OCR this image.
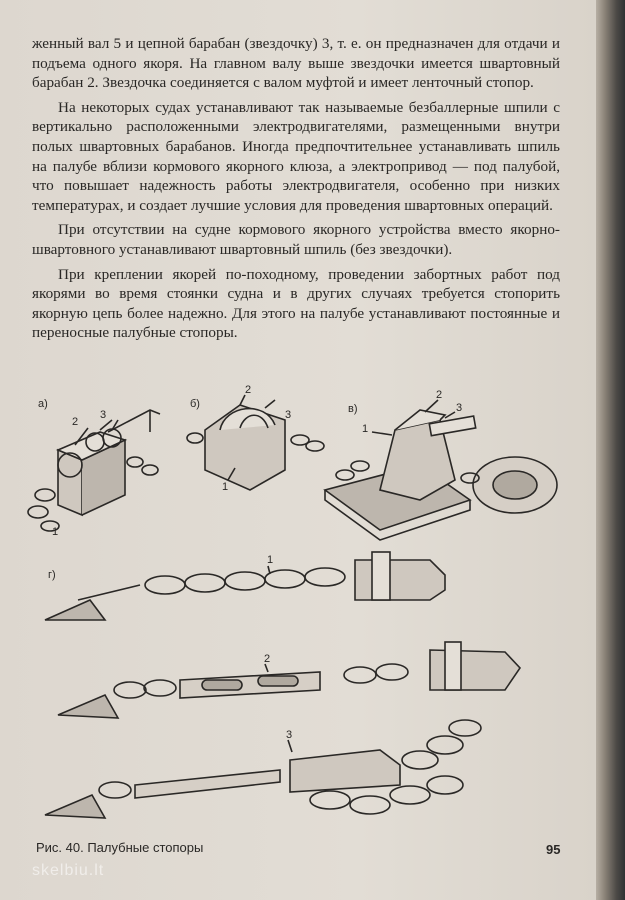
женный вал 5 и цепной барабан (звездочку) 3, т. е. он предназначен для отдачи и подъема одного якоря. На главном валу выше звездочки имеется швартовный барабан 2. Звездочка соединяется с валом муфтой и имеет ленточный стопор.

На некоторых судах устанавливают так называемые безбаллерные шпили с вертикально расположенными электродвигателями, размещенными внутри полых швартовных барабанов. Иногда предпочтительнее устанавливать шпиль на палубе вблизи кормового якорного клюза, а электропривод — под палубой, что повышает надежность работы электродвигателя, особенно при низких температурах, и создает лучшие условия для проведения швартовных операций.

При отсутствии на судне кормового якорного устройства вместо якорно-швартовного устанавливают швартовный шпиль (без звездочки).

При креплении якорей по-походному, проведении забортных работ под якорями во время стоянки судна и в других случаях требуется стопорить якорную цепь более надежно. Для этого на палубе устанавливают постоянные и переносные палубные стопоры.

а)	б)	в)
г)
2
3
1
2
3
1
2
3
1
1
2
3
Рис. 40. Палубные стопоры	95
skelbiu.lt
